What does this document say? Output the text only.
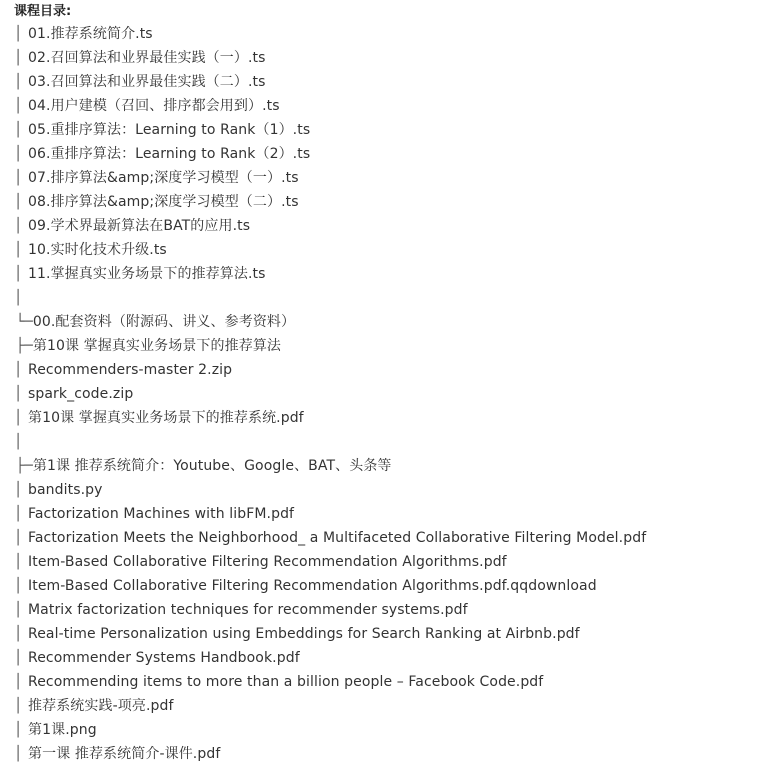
课程目录:
│ 01.推荐系统简介.ts
│ 02.召回算法和业界最佳实践（一）.ts
│ 03.召回算法和业界最佳实践（二）.ts
│ 04.用户建模（召回、排序都会用到）.ts
│ 05.重排序算法：Learning to Rank（1）.ts
│ 06.重排序算法：Learning to Rank（2）.ts
│ 07.排序算法&amp;深度学习模型（一）.ts
│ 08.排序算法&amp;深度学习模型（二）.ts
│ 09.学术界最新算法在BAT的应用.ts
│ 10.实时化技术升级.ts
│ 11.掌握真实业务场景下的推荐算法.ts
│
└─ 00.配套资料（附源码、讲义、参考资料）
├─ 第10课 掌握真实业务场景下的推荐算法
│ Recommenders-master 2.zip
│ spark_code.zip
│ 第10课 掌握真实业务场景下的推荐系统.pdf
│
├─ 第1课 推荐系统简介：Youtube、Google、BAT、头条等
│ bandits.py
│ Factorization Machines with libFM.pdf
│ Factorization Meets the Neighborhood_ a Multifaceted Collaborative Filtering Model.pdf
│ Item-Based Collaborative Filtering Recommendation Algorithms.pdf
│ Item-Based Collaborative Filtering Recommendation Algorithms.pdf.qqdownload
│ Matrix factorization techniques for recommender systems.pdf
│ Real-time Personalization using Embeddings for Search Ranking at Airbnb.pdf
│ Recommender Systems Handbook.pdf
│ Recommending items to more than a billion people – Facebook Code.pdf
│ 推荐系统实践-项亮.pdf
│ 第1课.png
│ 第一课 推荐系统简介-课件.pdf
